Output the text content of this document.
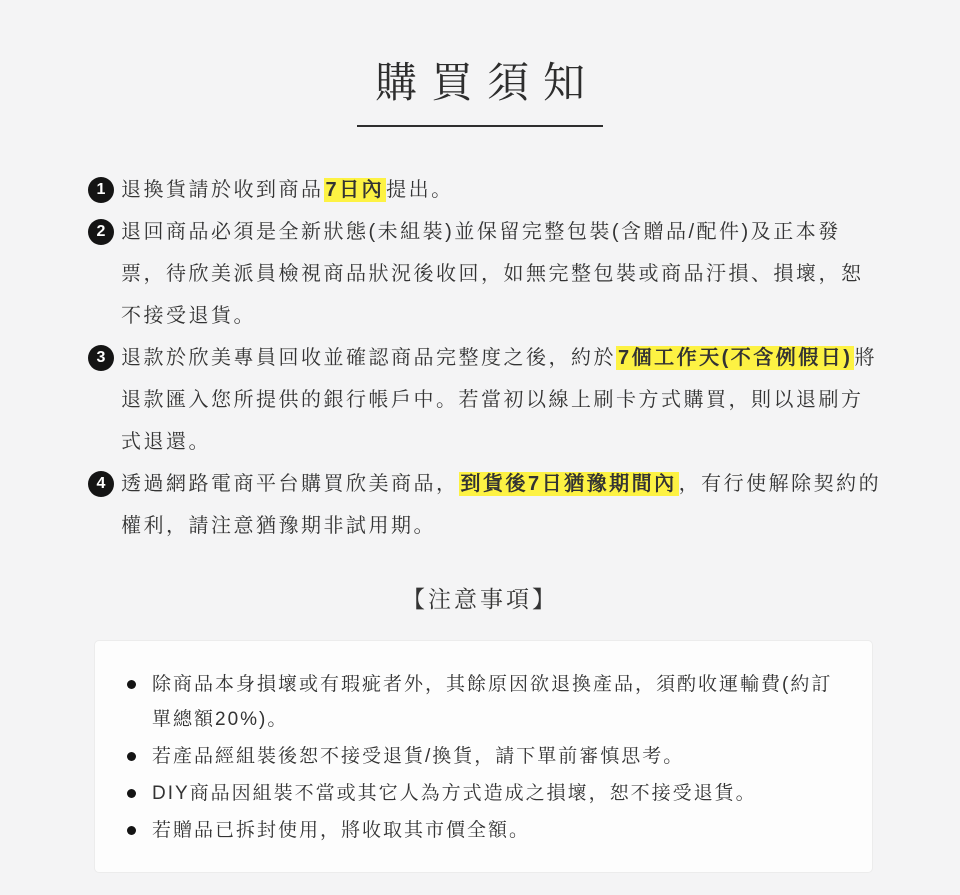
購買須知
1 退換貨請於收到商品 7日內 提出。

2 退回商品必須是全新狀態(未組裝)並保留完整包裝(含贈品/配件)及正本發票，待欣美派員檢視商品狀況後收回，如無完整包裝或商品汙損、損壞，恕不接受退貨。

3 退款於欣美專員回收並確認商品完整度之後，約於 7個工作天(不含例假日) 將退款匯入您所提供的銀行帳戶中。若當初以線上刷卡方式購買，則以退刷方式退還。

4 透過網路電商平台購買欣美商品， 到貨後7日猶豫期間內 ，有行使解除契約的權利，請注意猶豫期非試用期。

【注意事項】
除商品本身損壞或有瑕疵者外，其餘原因欲退換產品，須酌收運輸費(約訂單總額20%)。
若產品經組裝後恕不接受退貨/換貨，請下單前審慎思考。
DIY商品因組裝不當或其它人為方式造成之損壞，恕不接受退貨。
若贈品已拆封使用，將收取其市價全額。
